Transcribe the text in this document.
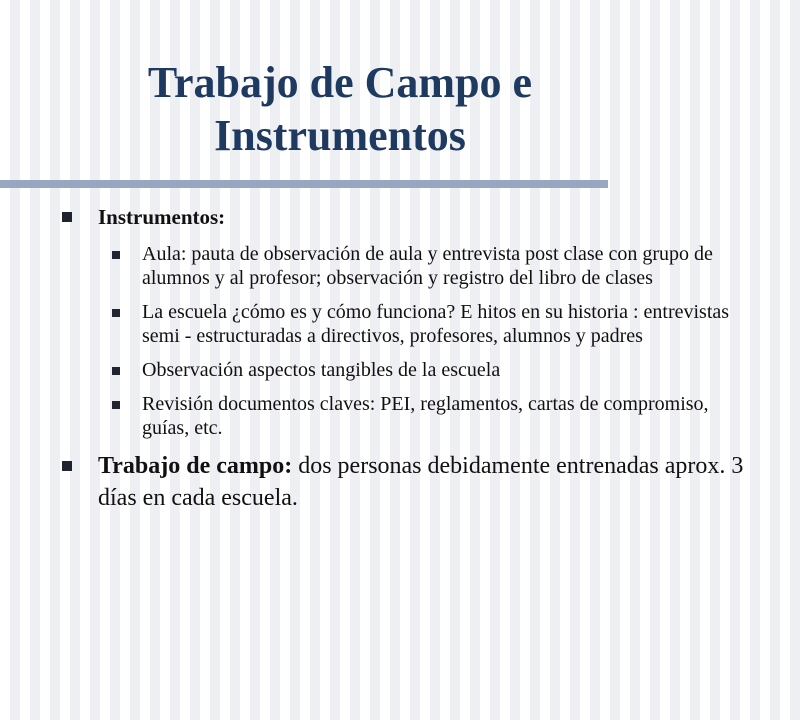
Trabajo de Campo e Instrumentos
Instrumentos:
Aula: pauta de observación de aula y entrevista post clase con grupo de alumnos y al profesor; observación y registro del libro de clases
La escuela ¿cómo es y cómo funciona? E hitos en su historia : entrevistas semi - estructuradas a directivos, profesores, alumnos y padres
Observación aspectos tangibles de la escuela
Revisión documentos claves: PEI, reglamentos, cartas de compromiso, guías, etc.
Trabajo de campo: dos personas debidamente entrenadas aprox. 3 días en cada escuela.
